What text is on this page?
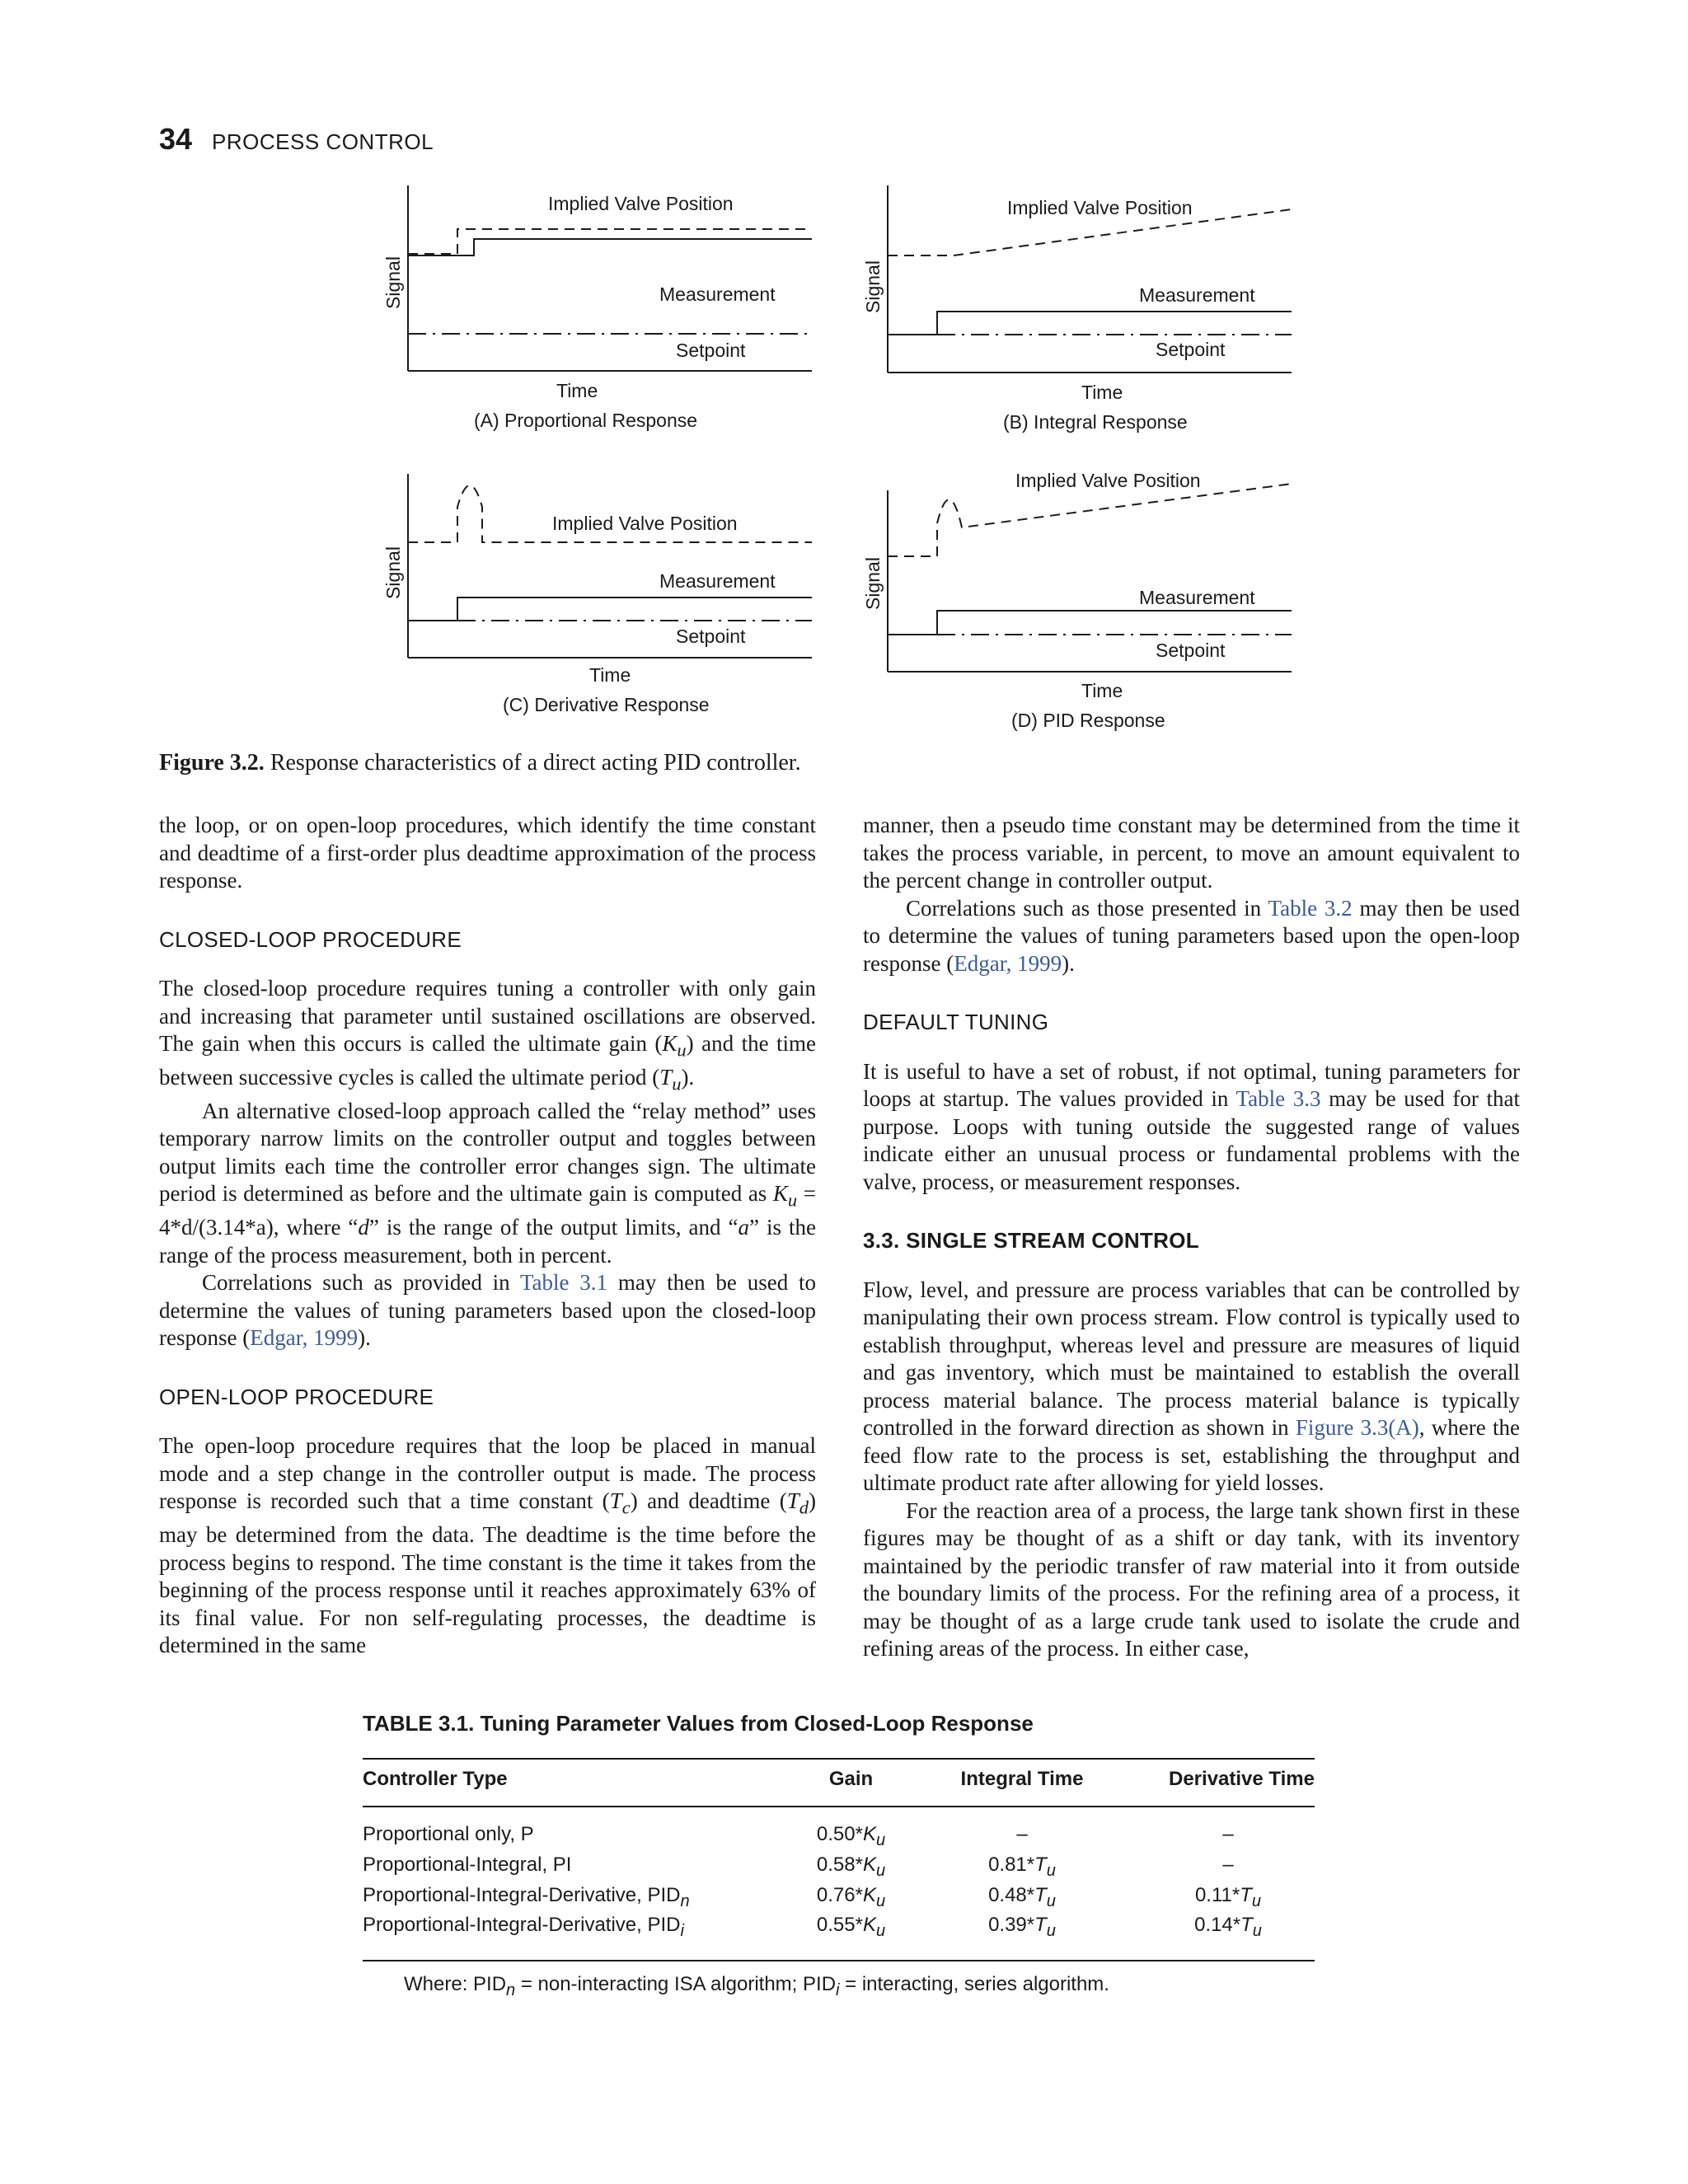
34 PROCESS CONTROL
Implied Valve Position
Measurement
Setpoint
Time
(A) Proportional Response
Signal
Implied Valve Position
Measurement
Setpoint
Time
(B) Integral Response
Signal
Implied Valve Position
Measurement
Setpoint
Time
(C) Derivative Response
Signal
Implied Valve Position
Measurement
Setpoint
Time
(D) PID Response
Signal
Figure 3.2. Response characteristics of a direct acting PID controller.

the loop, or on open-loop procedures, which identify the time constant and deadtime of a first-order plus deadtime approximation of the process response.

CLOSED-LOOP PROCEDURE

The closed-loop procedure requires tuning a controller with only gain and increasing that parameter until sustained oscillations are observed. The gain when this occurs is called the ultimate gain $(K_u)$ and the time between successive cycles is called the ultimate period $(T_u)$.

An alternative closed-loop approach called the “relay method” uses temporary narrow limits on the controller output and toggles between output limits each time the controller error changes sign. The ultimate period is determined as before and the ultimate gain is computed as $K_u = 4*d/(3.14*a)$, where “d” is the range of the output limits, and “a” is the range of the process measurement, both in percent.

Correlations such as provided in Table 3.1 may then be used to determine the values of tuning parameters based upon the closed-loop response (Edgar, 1999).

OPEN-LOOP PROCEDURE

The open-loop procedure requires that the loop be placed in manual mode and a step change in the controller output is made. The process response is recorded such that a time constant $(T_c)$ and deadtime $(T_d)$ may be determined from the data. The deadtime is the time before the process begins to respond. The time constant is the time it takes from the beginning of the process response until it reaches approximately 63% of its final value. For non self-regulating processes, the deadtime is determined in the same

manner, then a pseudo time constant may be determined from the time it takes the process variable, in percent, to move an amount equivalent to the percent change in controller output.

Correlations such as those presented in Table 3.2 may then be used to determine the values of tuning parameters based upon the open-loop response (Edgar, 1999).

DEFAULT TUNING

It is useful to have a set of robust, if not optimal, tuning parameters for loops at startup. The values provided in Table 3.3 may be used for that purpose. Loops with tuning outside the suggested range of values indicate either an unusual process or fundamental problems with the valve, process, or measurement responses.

3.3. SINGLE STREAM CONTROL

Flow, level, and pressure are process variables that can be controlled by manipulating their own process stream. Flow control is typically used to establish throughput, whereas level and pressure are measures of liquid and gas inventory, which must be maintained to establish the overall process material balance. The process material balance is typically controlled in the forward direction as shown in Figure 3.3(A), where the feed flow rate to the process is set, establishing the throughput and ultimate product rate after allowing for yield losses.

For the reaction area of a process, the large tank shown first in these figures may be thought of as a shift or day tank, with its inventory maintained by the periodic transfer of raw material into it from outside the boundary limits of the process. For the refining area of a process, it may be thought of as a large crude tank used to isolate the crude and refining areas of the process. In either case,

TABLE 3.1. Tuning Parameter Values from Closed-Loop Response
Controller Type	Gain	Integral Time	Derivative Time
Proportional only, P	$0.50*K_u$	–	–
Proportional-Integral, PI	$0.58*K_u$	$0.81*T_u$	–
Proportional-Integral-Derivative, $PID_n$	$0.76*K_u$	$0.48*T_u$	$0.11*T_u$
Proportional-Integral-Derivative, $PID_i$	$0.55*K_u$	$0.39*T_u$	$0.14*T_u$
Where: $PID_n$ = non-interacting ISA algorithm; $PID_i$ = interacting, series algorithm.
